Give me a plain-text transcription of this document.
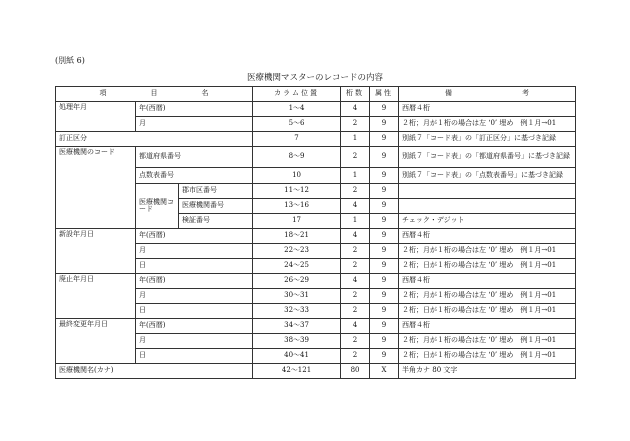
(別紙 6)
医療機関マスターのレコードの内容
項 目 名			カラム位置	桁数	属性	備 考
処理年月	年(西暦)		1〜4	4	9	西暦４桁
	月		5〜6	2	9	２桁；月が１桁の場合は左 ‘0’ 埋め　例１月→01
訂正区分			7	1	9	別紙７「コード表」の「訂正区分」に基づき記録
医療機関のコード	都道府県番号		8〜9	2	9	別紙７「コード表」の「都道府県番号」に基づき記録
	点数表番号		10	1	9	別紙７「コード表」の「点数表番号」に基づき記録
	医療機関コード	郡市区番号	11〜12	2	9	
		医療機関番号	13〜16	4	9	
		検証番号	17	1	9	チェック・デジット
新設年月日	年(西暦)		18〜21	4	9	西暦４桁
	月		22〜23	2	9	２桁；月が１桁の場合は左 ‘0’ 埋め　例１月→01
	日		24〜25	2	9	２桁；日が１桁の場合は左 ‘0’ 埋め　例１月→01
廃止年月日	年(西暦)		26〜29	4	9	西暦４桁
	月		30〜31	2	9	２桁；月が１桁の場合は左 ‘0’ 埋め　例１月→01
	日		32〜33	2	9	２桁；日が１桁の場合は左 ‘0’ 埋め　例１月→01
最終変更年月日	年(西暦)		34〜37	4	9	西暦４桁
	月		38〜39	2	9	２桁；月が１桁の場合は左 ‘0’ 埋め　例１月→01
	日		40〜41	2	9	２桁；日が１桁の場合は左 ‘0’ 埋め　例１月→01
医療機関名(カナ)			42〜121	80	X	半角カナ 80 文字
